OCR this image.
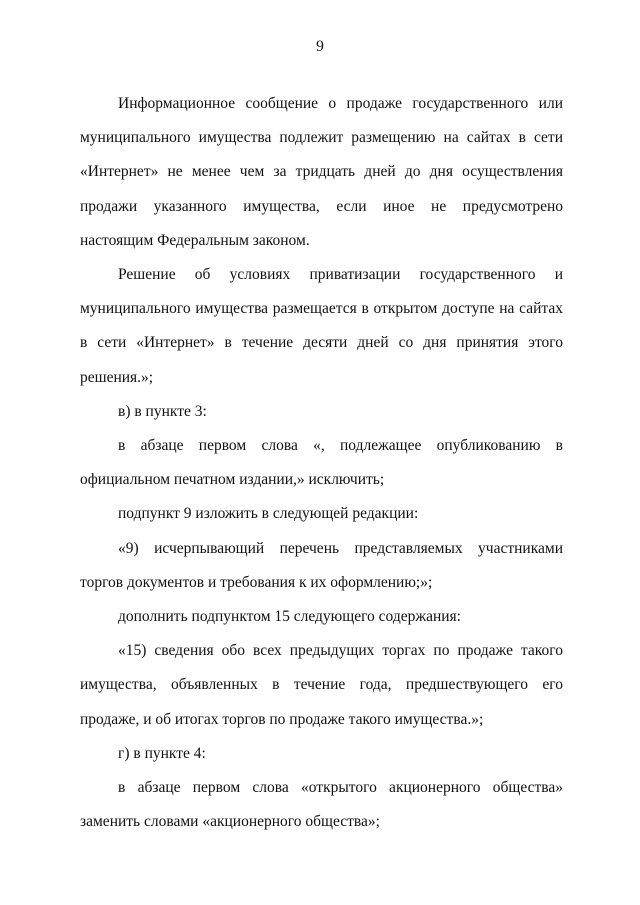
9

Информационное сообщение о продаже государственного или муниципального имущества подлежит размещению на сайтах в сети «Интернет» не менее чем за тридцать дней до дня осуществления продажи указанного имущества, если иное не предусмотрено настоящим Федеральным законом.

Решение об условиях приватизации государственного и муниципального имущества размещается в открытом доступе на сайтах в сети «Интернет» в течение десяти дней со дня принятия этого решения.»;

в) в пункте 3:

в абзаце первом слова «, подлежащее опубликованию в официальном печатном издании,» исключить;

подпункт 9 изложить в следующей редакции:

«9) исчерпывающий перечень представляемых участниками торгов документов и требования к их оформлению;»;

дополнить подпунктом 15 следующего содержания:

«15) сведения обо всех предыдущих торгах по продаже такого имущества, объявленных в течение года, предшествующего его продаже, и об итогах торгов по продаже такого имущества.»;

г) в пункте 4:

в абзаце первом слова «открытого акционерного общества» заменить словами «акционерного общества»;
